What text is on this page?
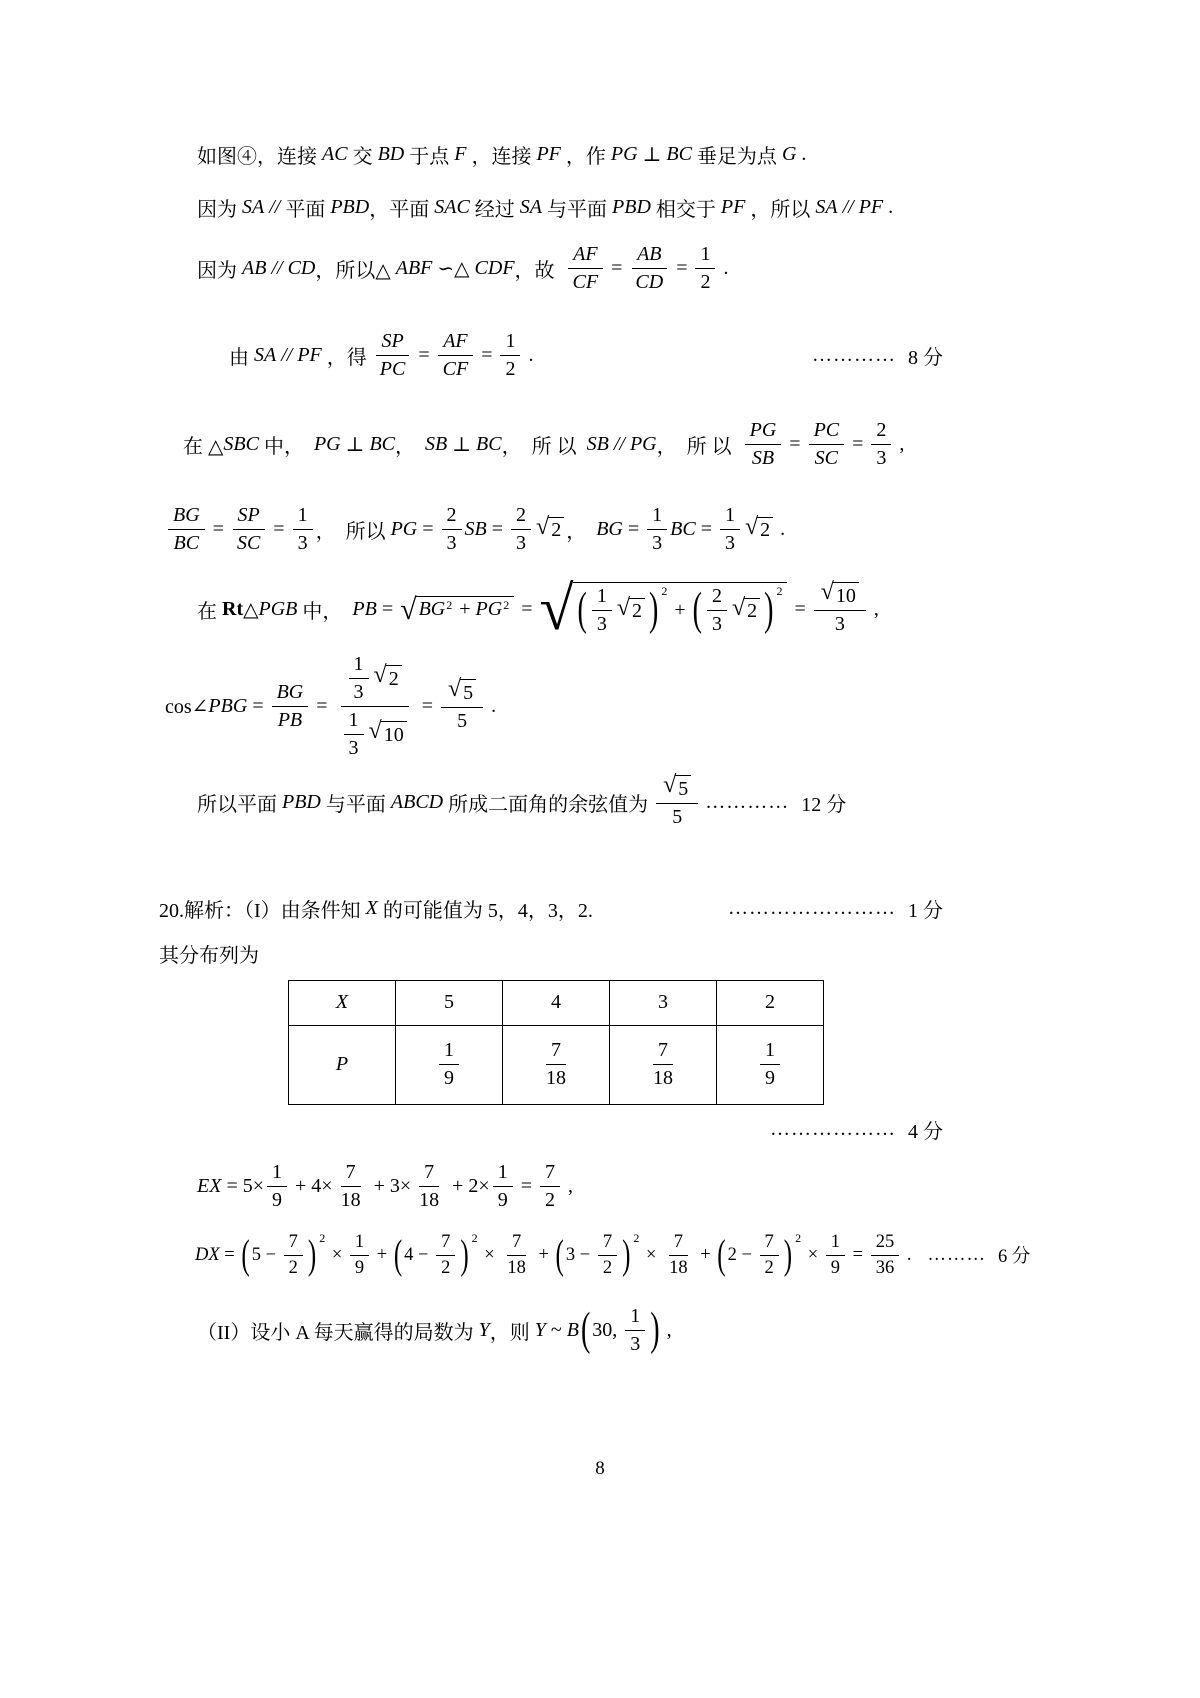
如图④，连接 AC 交 BD 于点 F ，连接 PF ，作 PG ⊥ BC 垂足为点 G .
因为 SA // 平面 PBD ，平面 SAC 经过 SA 与平面 PBD 相交于 PF ，所以 SA // PF .
因为 AB // CD ，所以△ ABF ∽△ CDF ，故 $\frac{AF}{CF} = \frac{AB}{CD} = \frac{1}{2}$ .
由 SA // PF ，得 $\frac{SP}{PC} = \frac{AF}{CF} = \frac{1}{2}$ .	………… 8 分
在 △ SBC 中， PG ⊥ BC ， SB ⊥ BC ，  所 以 SB // PG ，  所 以 $\frac{PG}{SB} = \frac{PC}{SC} = \frac{2}{3}$ ,
$\frac{BG}{BC} = \frac{SP}{SC} = \frac{1}{3}$ ，  所以 PG = $\frac{2}{3}$ SB = $\frac{2}{3}$ √ 2 ， BG = $\frac{1}{3}$ BC = $\frac{1}{3}$ √ 2 .
在 Rt △ PGB 中， PB = √ BG 2 + PG 2 = √ ( $\frac{1}{3}$ √ 2 ) 2
+ ( $\frac{2}{3}$ √ 2 ) 2
= $\frac{√ 10}{3}$ ,
cos∠ PBG = $\frac{BG}{PB} = \frac{\frac{1}{3} √ 2}{\frac{1}{3} √ 10} = \frac{√ 5}{5}$ .
所以平面 PBD 与平面 ABCD 所成二面角的余弦值为 $\frac{√ 5}{5}$ ………… 12 分
20.解析：（I）由条件知 X 的可能值为 5，4，3，2.	…………………… 1 分
其分布列为
X	5	4	3	2
P	$\frac{1}{9}$	$\frac{7}{18}$	$\frac{7}{18}$	$\frac{1}{9}$
……………… 4 分
EX = $5\times \frac{1}{9} + 4\times \frac{7}{18} + 3\times \frac{7}{18} + 2\times \frac{1}{9} = \frac{7}{2}$ ,
DX = ( $5 - \frac{7}{2}$ ) 2
× $\frac{1}{9}$ + ( $4 - \frac{7}{2}$ ) 2
× $\frac{7}{18}$ + ( $3 - \frac{7}{2}$ ) 2
× $\frac{7}{18}$ + ( $2 - \frac{7}{2}$ ) 2
× $\frac{1}{9} = \frac{25}{36}$ . ……… 6 分
（II）设小 A 每天赢得的局数为 Y ，则 Y ~ B ( 30, $\frac{1}{3}$ ) ,
8
